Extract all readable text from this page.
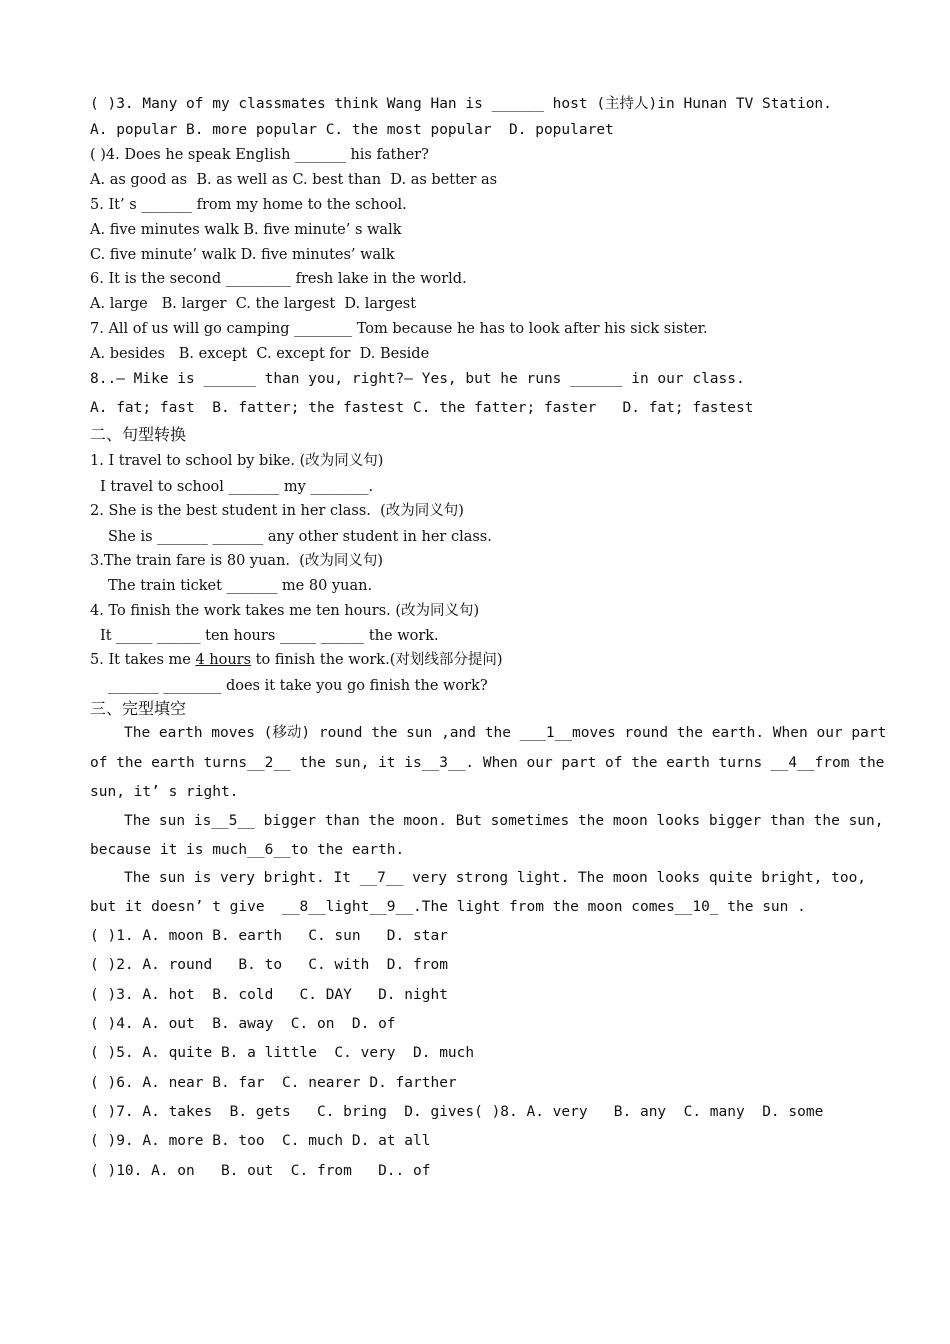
( )3. Many of my classmates think Wang Han is ______ host (主持人)in Hunan TV Station.
A. popular B. more popular C. the most popular  D. popularet
( )4. Does he speak English _______ his father?
A. as good as  B. as well as C. best than  D. as better as
5. It’ s _______ from my home to the school.
A. five minutes walk B. five minute’ s walk
C. five minute’ walk D. five minutes’ walk
6. It is the second _________ fresh lake in the world.
A. large   B. larger  C. the largest  D. largest
7. All of us will go camping ________ Tom because he has to look after his sick sister.
A. besides   B. except  C. except for  D. Beside
8..— Mike is ______ than you, right?— Yes, but he runs ______ in our class.
A. fat; fast  B. fatter; the fastest C. the fatter; faster   D. fat; fastest
二、句型转换
1. I travel to school by bike. (改为同义句)
I travel to school _______ my ________.
2. She is the best student in her class.  (改为同义句)
She is _______ _______ any other student in her class.
3.The train fare is 80 yuan.  (改为同义句)
The train ticket _______ me 80 yuan.
4. To finish the work takes me ten hours. (改为同义句)
It _____ ______ ten hours _____ ______ the work.
5. It takes me 4 hours to finish the work.(对划线部分提问)
_______ ________ does it take you go finish the work?
三、完型填空
The earth moves (移动) round the sun ,and the ___1__moves round the earth. When our part
of the earth turns__2__ the sun, it is__3__. When our part of the earth turns __4__from the
sun, it’ s right.
The sun is__5__ bigger than the moon. But sometimes the moon looks bigger than the sun,
because it is much__6__to the earth.
The sun is very bright. It __7__ very strong light. The moon looks quite bright, too,
but it doesn’ t give  __8__light__9__.The light from the moon comes__10_ the sun .
( )1. A. moon B. earth   C. sun   D. star
( )2. A. round   B. to   C. with  D. from
( )3. A. hot  B. cold   C. DAY   D. night
( )4. A. out  B. away  C. on  D. of
( )5. A. quite B. a little  C. very  D. much
( )6. A. near B. far  C. nearer D. farther
( )7. A. takes  B. gets   C. bring  D. gives( )8. A. very   B. any  C. many  D. some
( )9. A. more B. too  C. much D. at all
( )10. A. on   B. out  C. from   D.. of
